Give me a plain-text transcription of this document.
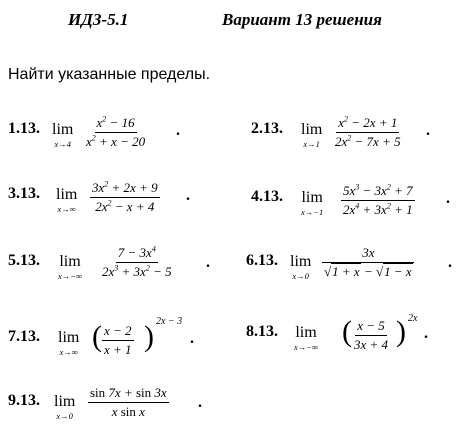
ИДЗ-5.1	Вариант 13 решения
Найти указанные пределы.
1.13. lim
$x\to 4 \frac{x^2 - 16}{x^2 + x - 20}$ .	2.13. lim
$x\to 1 \frac{x^2 - 2x + 1}{2x^2 - 7x + 5}$ .
3.13. lim
$x\to\infty \frac{3x^2 + 2x + 9}{2x^2 - x + 4}$ .	4.13. lim
$x\to-1 \frac{5x^3 - 3x^2 + 7}{2x^4 + 3x^2 + 1}$ .
5.13. lim
$x\to-\infty \frac{7 - 3x^4}{2x^3 + 3x^2 - 5}$ . 6.13. lim
$x\to 0 \frac{3x}{√1 + x - √1 - x}$ .
7.13. lim
x→∞ ( $\frac{x - 2}{x + 1}$ ) 2x − 3
.	8.13. lim
x→−∞ ( $\frac{x - 5}{3x + 4}$ ) 2x
.
9.13. lim
$x\to 0 \frac{\sin 7x + \sin 3x}{\text{x sin x}}$ .
